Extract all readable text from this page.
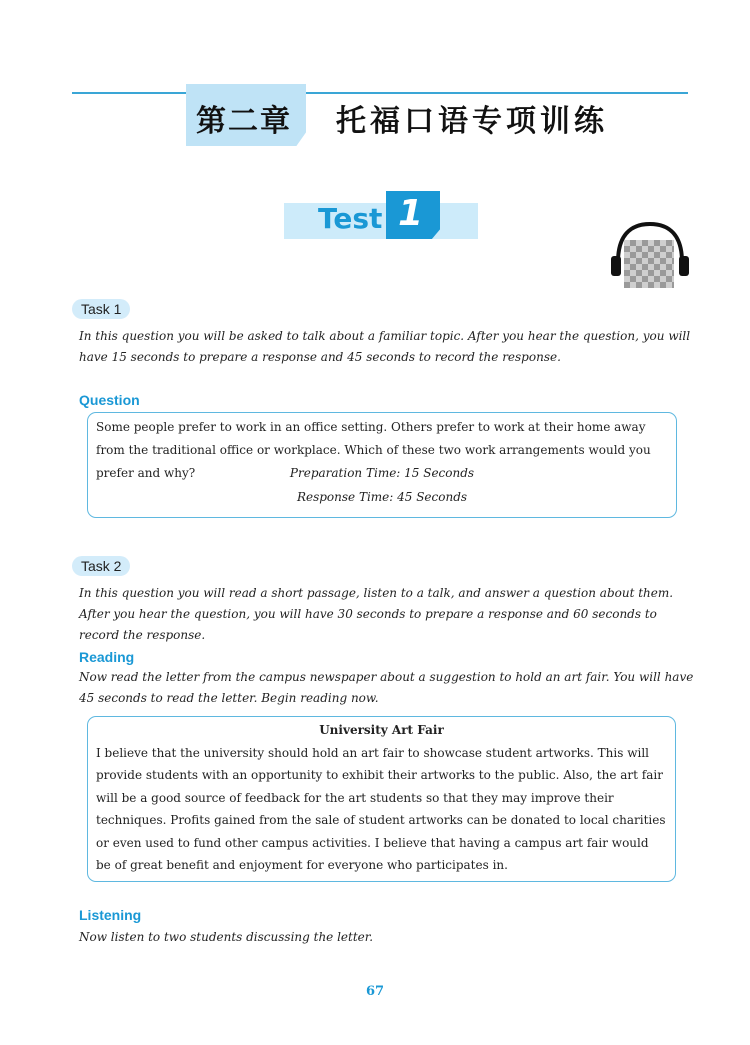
第二章 托福口语专项训练
Test 1
Task 1
In this question you will be asked to talk about a familiar topic. After you hear the question, you will have 15 seconds to prepare a response and 45 seconds to record the response.
Question
Some people prefer to work in an office setting. Others prefer to work at their home away from the traditional office or workplace. Which of these two work arrangements would you prefer and why?	Preparation Time: 15 Seconds
Response Time: 45 Seconds
Task 2
In this question you will read a short passage, listen to a talk, and answer a question about them. After you hear the question, you will have 30 seconds to prepare a response and 60 seconds to record the response.
Reading
Now read the letter from the campus newspaper about a suggestion to hold an art fair. You will have 45 seconds to read the letter. Begin reading now.
University Art Fair
I believe that the university should hold an art fair to showcase student artworks. This will provide students with an opportunity to exhibit their artworks to the public. Also, the art fair will be a good source of feedback for the art students so that they may improve their techniques. Profits gained from the sale of student artworks can be donated to local charities or even used to fund other campus activities. I believe that having a campus art fair would be of great benefit and enjoyment for everyone who participates in.
Listening
Now listen to two students discussing the letter.
67
